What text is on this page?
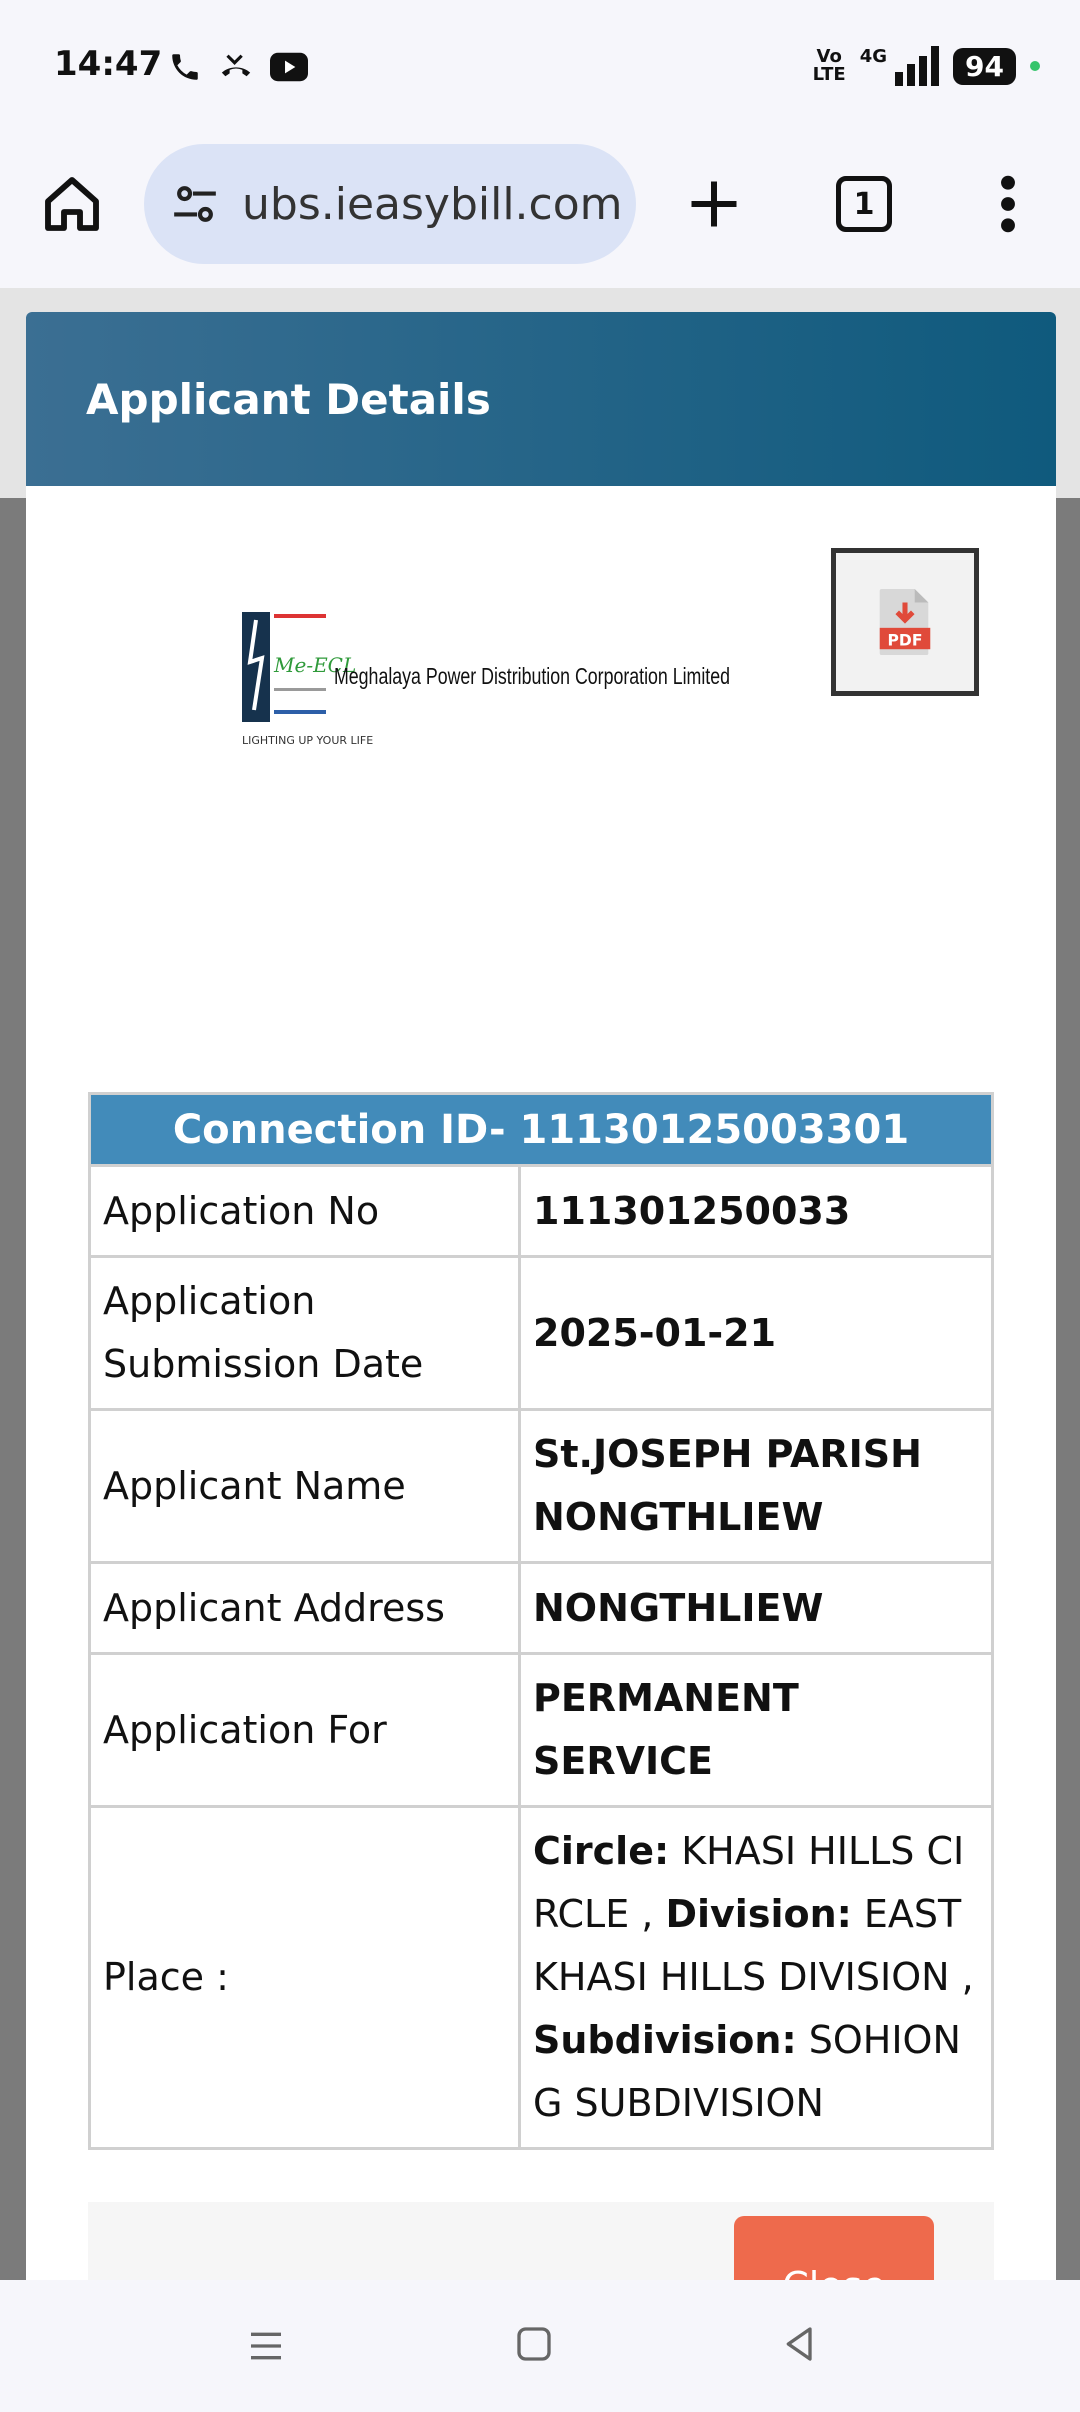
14:47	Vo
LTE
4G	94
ubs.ieasybill.com	1
Applicant Details
Me-ECL
LIGHTING UP YOUR LIFE
Meghalaya Power Distribution Corporation Limited
PDF
Connection ID- 11130125003301	
Application No	111301250033
Application Submission Date	2025-01-21
Applicant Name	St.JOSEPH PARISH NONGTHLIEW
Applicant Address	NONGTHLIEW
Application For	PERMANENT SERVICE
Place :	Circle: KHASI HILLS CIRCLE , Division: EAST KHASI HILLS DIVISION , Subdivision: SOHIONG SUBDIVISION
